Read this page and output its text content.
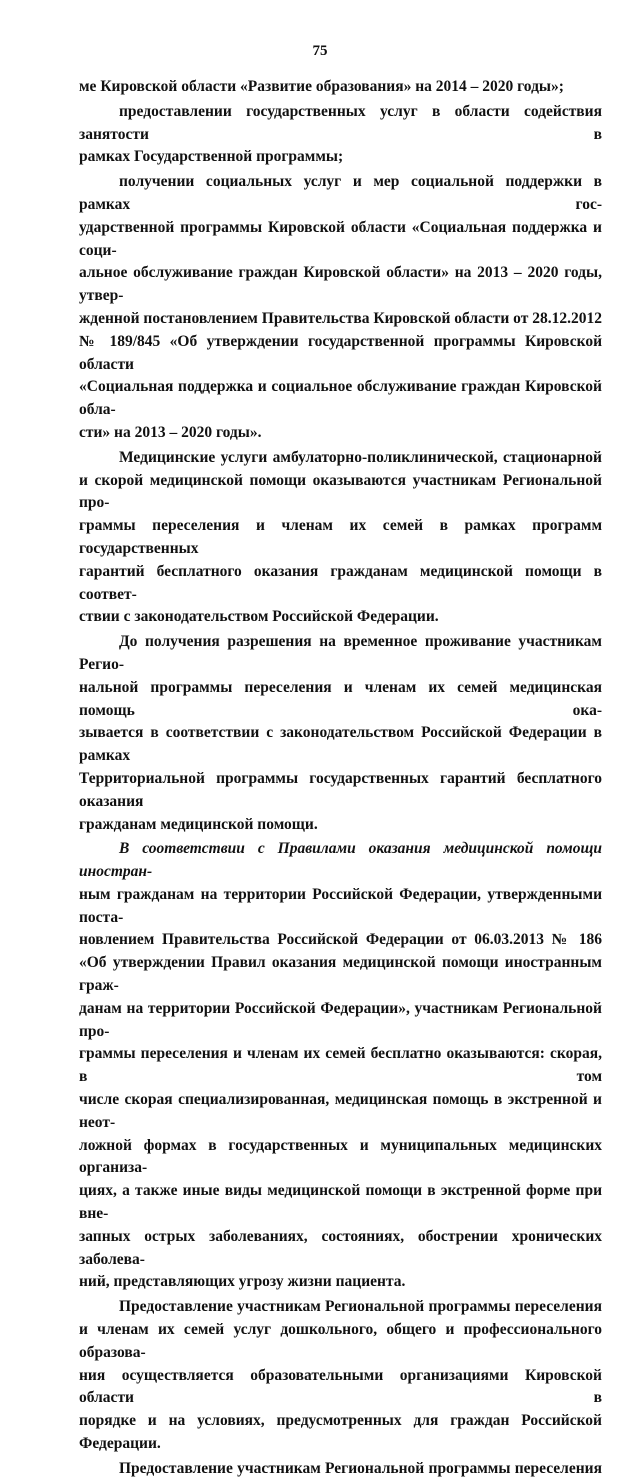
75

ме Кировской области «Развитие образования» на 2014 – 2020 годы»;

предоставлении государственных услуг в области содействия занятости в
рамках Государственной программы;

получении социальных услуг и мер социальной поддержки в рамках гос-
ударственной программы Кировской области «Социальная поддержка и соци-
альное обслуживание граждан Кировской области» на 2013 – 2020 годы, утвер-
жденной постановлением Правительства Кировской области от 28.12.2012
№ 189/845 «Об утверждении государственной программы Кировской области
«Социальная поддержка и социальное обслуживание граждан Кировской обла-
сти» на 2013 – 2020 годы».

Медицинские услуги амбулаторно-поликлинической, стационарной
и скорой медицинской помощи оказываются участникам Региональной про-
граммы переселения и членам их семей в рамках программ государственных
гарантий бесплатного оказания гражданам медицинской помощи в соответ-
ствии с законодательством Российской Федерации.

До получения разрешения на временное проживание участникам Регио-
нальной программы переселения и членам их семей медицинская помощь ока-
зывается в соответствии с законодательством Российской Федерации в рамках
Территориальной программы государственных гарантий бесплатного оказания
гражданам медицинской помощи.

В соответствии с Правилами оказания медицинской помощи иностран-
ным гражданам на территории Российской Федерации, утвержденными поста-
новлением Правительства Российской Федерации от 06.03.2013 № 186
«Об утверждении Правил оказания медицинской помощи иностранным граж-
данам на территории Российской Федерации», участникам Региональной про-
граммы переселения и членам их семей бесплатно оказываются: скорая, в том
числе скорая специализированная, медицинская помощь в экстренной и неот-
ложной формах в государственных и муниципальных медицинских организа-
циях, а также иные виды медицинской помощи в экстренной форме при вне-
запных острых заболеваниях, состояниях, обострении хронических заболева-
ний, представляющих угрозу жизни пациента.

Предоставление участникам Региональной программы переселения
и членам их семей услуг дошкольного, общего и профессионального образова-
ния осуществляется образовательными организациями Кировской области в
порядке и на условиях, предусмотренных для граждан Российской Федерации.

Предоставление участникам Региональной программы переселения
